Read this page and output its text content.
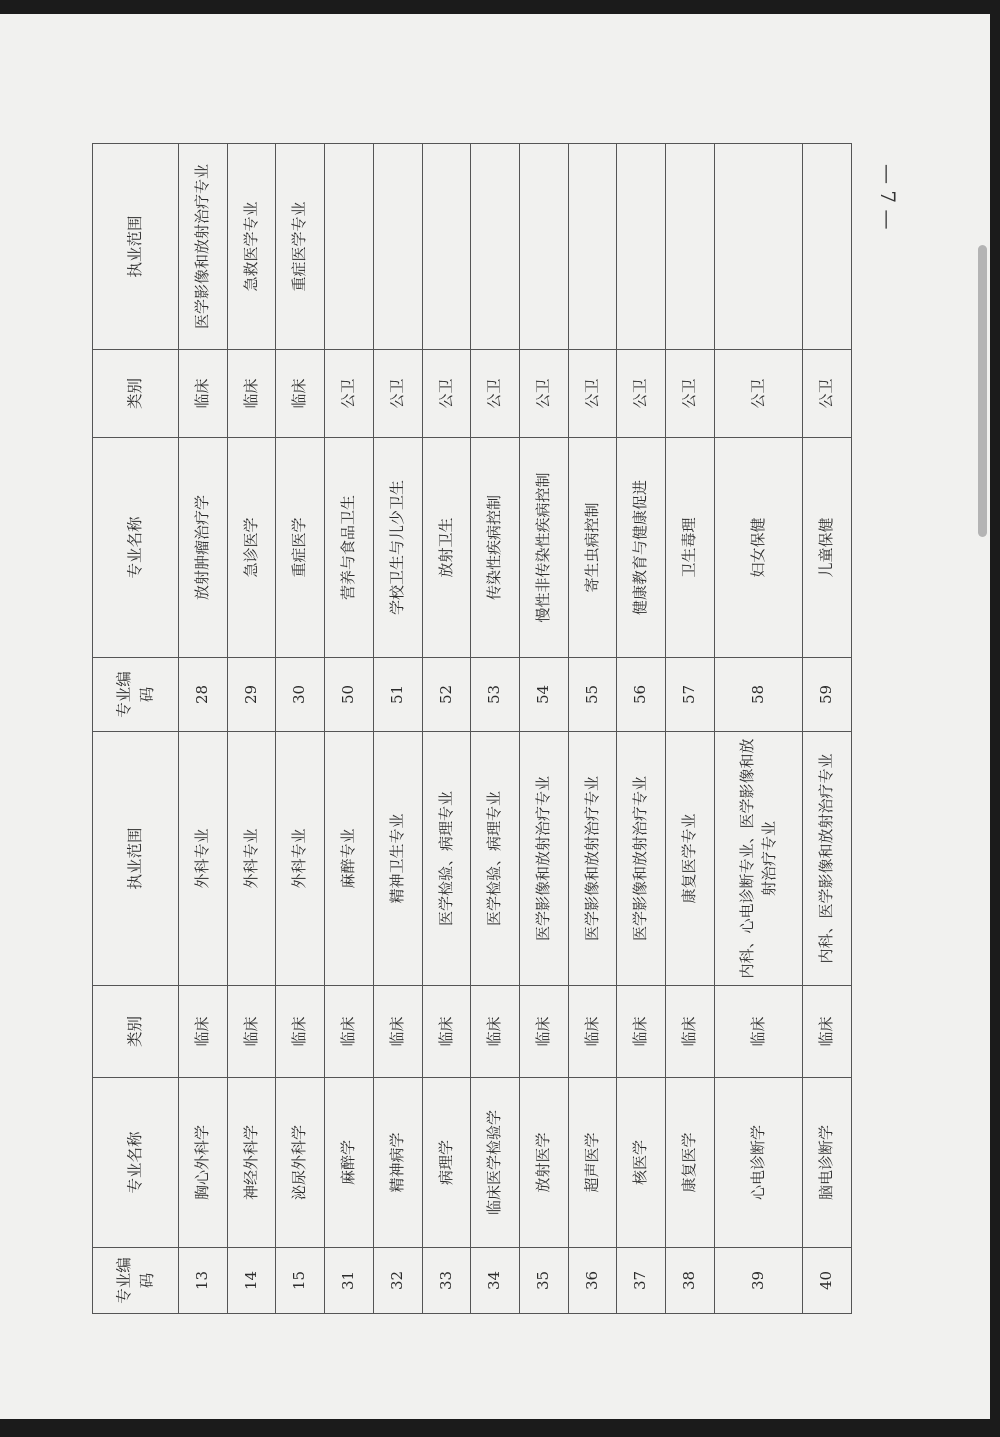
— 7 —
专业编码	专业名称	类别	执业范围	专业编码	专业名称	类别	执业范围
13	胸心外科学	临床	外科专业	28	放射肿瘤治疗学	临床	医学影像和放射治疗专业
14	神经外科学	临床	外科专业	29	急诊医学	临床	急救医学专业
15	泌尿外科学	临床	外科专业	30	重症医学	临床	重症医学专业
31	麻醉学	临床	麻醉专业	50	营养与食品卫生	公卫	
32	精神病学	临床	精神卫生专业	51	学校卫生与儿少卫生	公卫	
33	病理学	临床	医学检验、病理专业	52	放射卫生	公卫	
34	临床医学检验学	临床	医学检验、病理专业	53	传染性疾病控制	公卫	
35	放射医学	临床	医学影像和放射治疗专业	54	慢性非传染性疾病控制	公卫	
36	超声医学	临床	医学影像和放射治疗专业	55	寄生虫病控制	公卫	
37	核医学	临床	医学影像和放射治疗专业	56	健康教育与健康促进	公卫	
38	康复医学	临床	康复医学专业	57	卫生毒理	公卫	
39	心电诊断学	临床	内科、心电诊断专业、医学影像和放射治疗专业	58	妇女保健	公卫	
40	脑电诊断学	临床	内科、医学影像和放射治疗专业	59	儿童保健	公卫	
